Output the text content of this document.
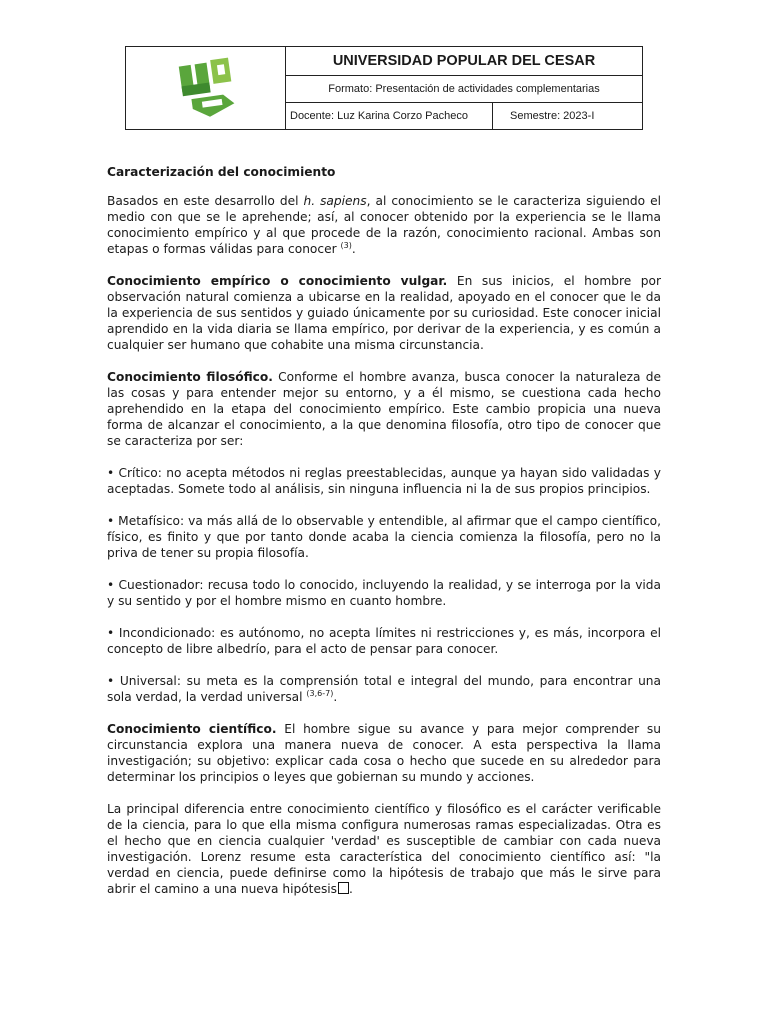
UNIVERSIDAD POPULAR DEL CESAR
Formato: Presentación de actividades complementarias
Docente: Luz Karina Corzo Pacheco	Semestre: 2023-I
Caracterización del conocimiento

Basados en este desarrollo del h. sapiens, al conocimiento se le caracteriza siguiendo el medio con que se le aprehende; así, al conocer obtenido por la experiencia se le llama conocimiento empírico y al que procede de la razón, conocimiento racional. Ambas son etapas o formas válidas para conocer $^{(3)}$.

Conocimiento empírico o conocimiento vulgar. En sus inicios, el hombre por observación natural comienza a ubicarse en la realidad, apoyado en el conocer que le da la experiencia de sus sentidos y guiado únicamente por su curiosidad. Este conocer inicial aprendido en la vida diaria se llama empírico, por derivar de la experiencia, y es común a cualquier ser humano que cohabite una misma circunstancia.

Conocimiento filosófico. Conforme el hombre avanza, busca conocer la naturaleza de las cosas y para entender mejor su entorno, y a él mismo, se cuestiona cada hecho aprehendido en la etapa del conocimiento empírico. Este cambio propicia una nueva forma de alcanzar el conocimiento, a la que denomina filosofía, otro tipo de conocer que se caracteriza por ser:

• Crítico: no acepta métodos ni reglas preestablecidas, aunque ya hayan sido validadas y aceptadas. Somete todo al análisis, sin ninguna influencia ni la de sus propios principios.

• Metafísico: va más allá de lo observable y entendible, al afirmar que el campo científico, físico, es finito y que por tanto donde acaba la ciencia comienza la filosofía, pero no la priva de tener su propia filosofía.

• Cuestionador: recusa todo lo conocido, incluyendo la realidad, y se interroga por la vida y su sentido y por el hombre mismo en cuanto hombre.

• Incondicionado: es autónomo, no acepta límites ni restricciones y, es más, incorpora el concepto de libre albedrío, para el acto de pensar para conocer.

• Universal: su meta es la comprensión total e integral del mundo, para encontrar una sola verdad, la verdad universal $^{(3,6-7)}$.

Conocimiento científico. El hombre sigue su avance y para mejor comprender su circunstancia explora una manera nueva de conocer. A esta perspectiva la llama investigación; su objetivo: explicar cada cosa o hecho que sucede en su alrededor para determinar los principios o leyes que gobiernan su mundo y acciones.

La principal diferencia entre conocimiento científico y filosófico es el carácter verificable de la ciencia, para lo que ella misma configura numerosas ramas especializadas. Otra es el hecho que en ciencia cualquier 'verdad' es susceptible de cambiar con cada nueva investigación. Lorenz resume esta característica del conocimiento científico así: "la verdad en ciencia, puede definirse como la hipótesis de trabajo que más le sirve para abrir el camino a una nueva hipótesis .
